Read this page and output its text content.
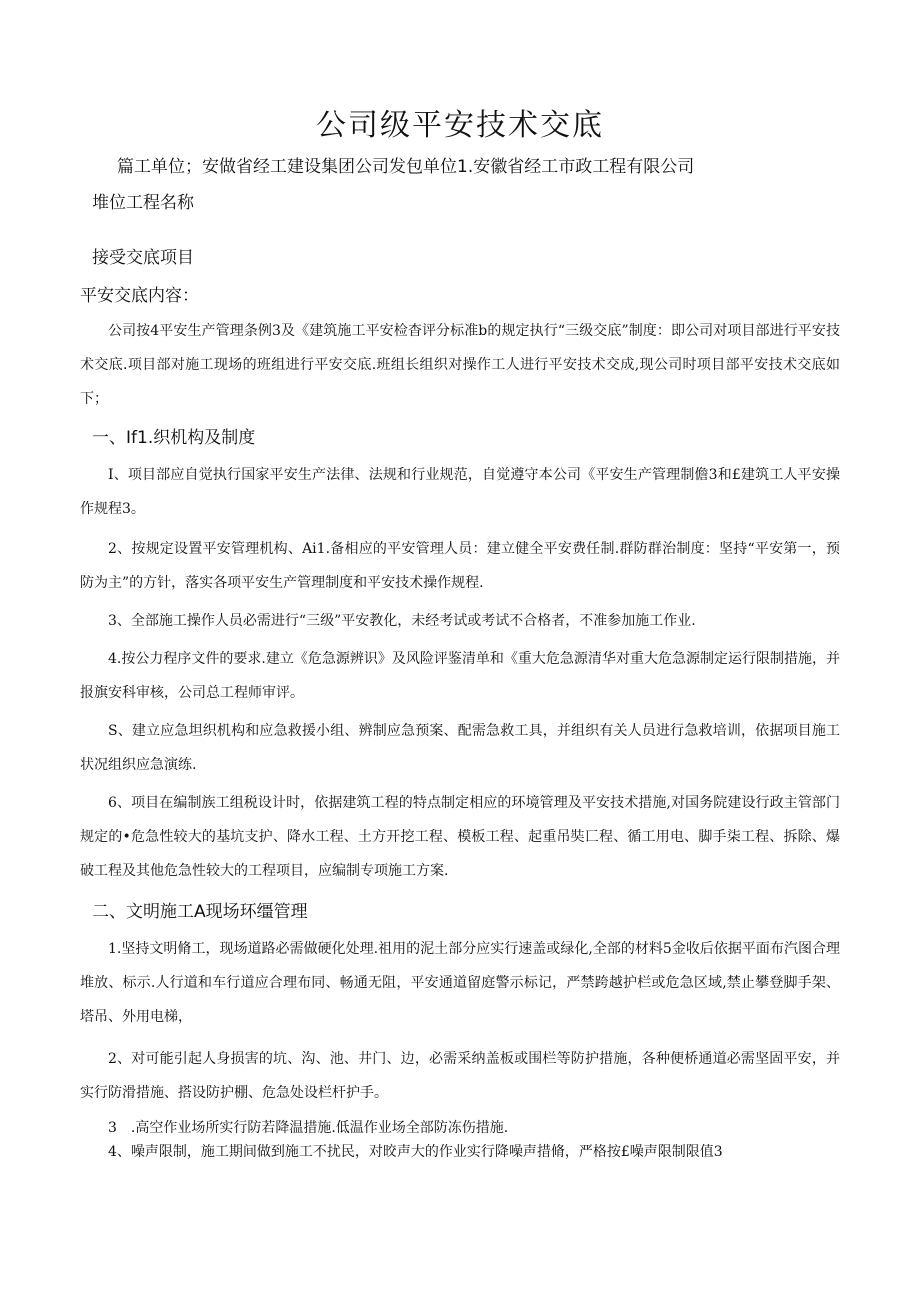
公司级平安技术交底

篇工单位；安做省经工建设集团公司发包单位1.安徽省经工市政工程有限公司

堆位工程名称

接受交底项目

平安交底内容：

公司按4平安生产管理条例3及《建筑施工平安检杳评分标准b的规定执行“三级交底”制度：即公司对项目部进行平安技术交底.项目部对施工现场的班组进行平安交底.班组长组织对操作工人进行平安技术交成,现公司时项目部平安技术交底如下；

一、If1.织机构及制度

I、项目部应自觉执行国家平安生产法律、法规和行业规范，自觉遵守本公司《平安生产管理制儋3和£建筑工人平安操作规程3。

2、按规定设置平安管理机构、Ai1.备相应的平安管理人员：建立健全平安费任制.群防群治制度：坚持“平安第一，预防为主”的方针，落实各项平安生产管理制度和平安技术操作规程.

3、全部施工操作人员必需进行“三级”平安教化，未经考试或考试不合格者，不准参加施工作业.

4.按公力程序文件的要求.建立《危急源辨识》及风险评鉴清单和《重大危急源清华对重大危急源制定运行限制措施，并报旗安科审核，公司总工程师审评。

S、建立应急坦织机构和应急救援小组、辨制应急预案、配需急救工具，并组织有关人员进行急救培训，依据项目施工状况组织应急演练.

6、项目在编制族工组税设计时，依据建筑工程的特点制定相应的环境管理及平安技术措施,对国务院建设行政主管部门规定的•危急性较大的基坑支护、降水工程、土方开挖工程、模板工程、起重吊奘匸程、循工用电、脚手柒工程、拆除、爆破工程及其他危急性较大的工程项目，应编制专项施工方案.

二、文明施工A现场环缰管理

1.坚持文明脩工，现场道路必需做硬化处理.祖用的泥土部分应实行速盖或绿化,全部的材料5金收后依据平面布汽图合理堆放、标示.人行道和车行道应合理布同、畅通无阻，平安通道留庭警示标记，严禁跨越护栏或危急区域,禁止攀登脚手架、塔吊、外用电梯，

2、对可能引起人身损害的坑、沟、池、井门、边，必需采纳盖板或围栏等防护措施，各种便桥通道必需坚固平安，并实行防滑措施、搭设防护棚、危急处设栏杆护手。

3　.高空作业场所实行防若降温措施.低温作业场全部防冻伤措施.

4、噪声限制，施工期间做到施工不扰民，对晈声大的作业实行降噪声措脩，严格按£噪声限制限值3
